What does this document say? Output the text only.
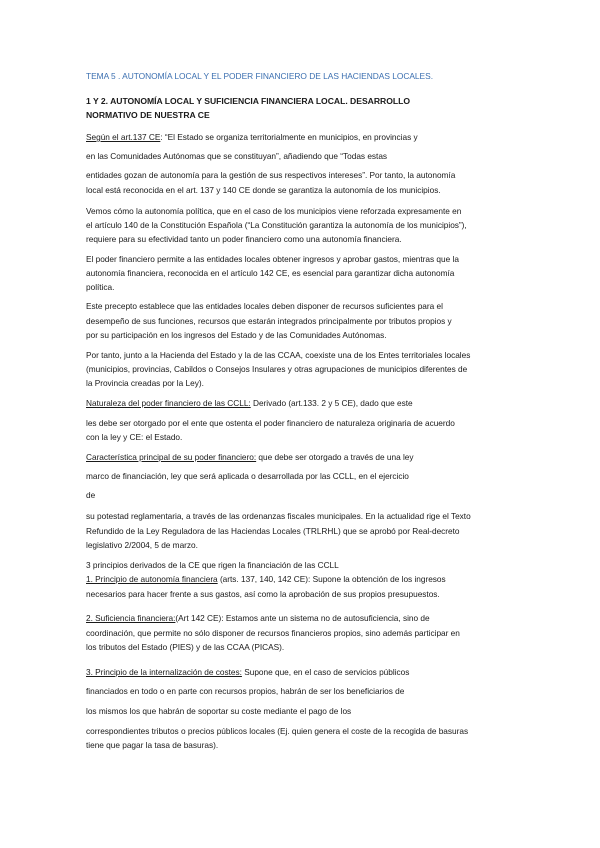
TEMA 5 . AUTONOMÍA LOCAL Y EL PODER FINANCIERO DE LAS HACIENDAS LOCALES.
1 Y 2. AUTONOMÍA LOCAL Y SUFICIENCIA FINANCIERA LOCAL. DESARROLLO
NORMATIVO DE NUESTRA CE
Según el art.137 CE: “El Estado se organiza territorialmente en municipios, en provincias y
en las Comunidades Autónomas que se constituyan”, añadiendo que “Todas estas
entidades gozan de autonomía para la gestión de sus respectivos intereses”. Por tanto, la autonomía
local está reconocida en el art. 137 y 140 CE donde se garantiza la autonomía de los municipios.
Vemos cómo la autonomía política, que en el caso de los municipios viene reforzada expresamente en
el artículo 140 de la Constitución Española (“La Constitución garantiza la autonomía de los municipios”),
requiere para su efectividad tanto un poder financiero como una autonomía financiera.
El poder financiero permite a las entidades locales obtener ingresos y aprobar gastos, mientras que la
autonomía financiera, reconocida en el artículo 142 CE, es esencial para garantizar dicha autonomía
política.
Este precepto establece que las entidades locales deben disponer de recursos suficientes para el
desempeño de sus funciones, recursos que estarán integrados principalmente por tributos propios y
por su participación en los ingresos del Estado y de las Comunidades Autónomas.
Por tanto, junto a la Hacienda del Estado y la de las CCAA, coexiste una de los Entes territoriales locales
(municipios, provincias, Cabildos o Consejos Insulares y otras agrupaciones de municipios diferentes de
la Provincia creadas por la Ley).
Naturaleza del poder financiero de las CCLL: Derivado (art.133. 2 y 5 CE), dado que este
les debe ser otorgado por el ente que ostenta el poder financiero de naturaleza originaria de acuerdo
con la ley y CE: el Estado.
Característica principal de su poder financiero: que debe ser otorgado a través de una ley
marco de financiación, ley que será aplicada o desarrollada por las CCLL, en el ejercicio
de
su potestad reglamentaria, a través de las ordenanzas fiscales municipales. En la actualidad rige el Texto
Refundido de la Ley Reguladora de las Haciendas Locales (TRLRHL) que se aprobó por Real-decreto
legislativo 2/2004, 5 de marzo.
3 principios derivados de la CE que rigen la financiación de las CCLL
1. Principio de autonomía financiera (arts. 137, 140, 142 CE): Supone la obtención de los ingresos
necesarios para hacer frente a sus gastos, así como la aprobación de sus propios presupuestos.
2. Suficiencia financiera:(Art 142 CE): Estamos ante un sistema no de autosuficiencia, sino de
coordinación, que permite no sólo disponer de recursos financieros propios, sino además participar en
los tributos del Estado (PIES) y de las CCAA (PICAS).
3. Principio de la internalización de costes: Supone que, en el caso de servicios públicos
financiados en todo o en parte con recursos propios, habrán de ser los beneficiarios de
los mismos los que habrán de soportar su coste mediante el pago de los
correspondientes tributos o precios públicos locales (Ej. quien genera el coste de la recogida de basuras
tiene que pagar la tasa de basuras).
